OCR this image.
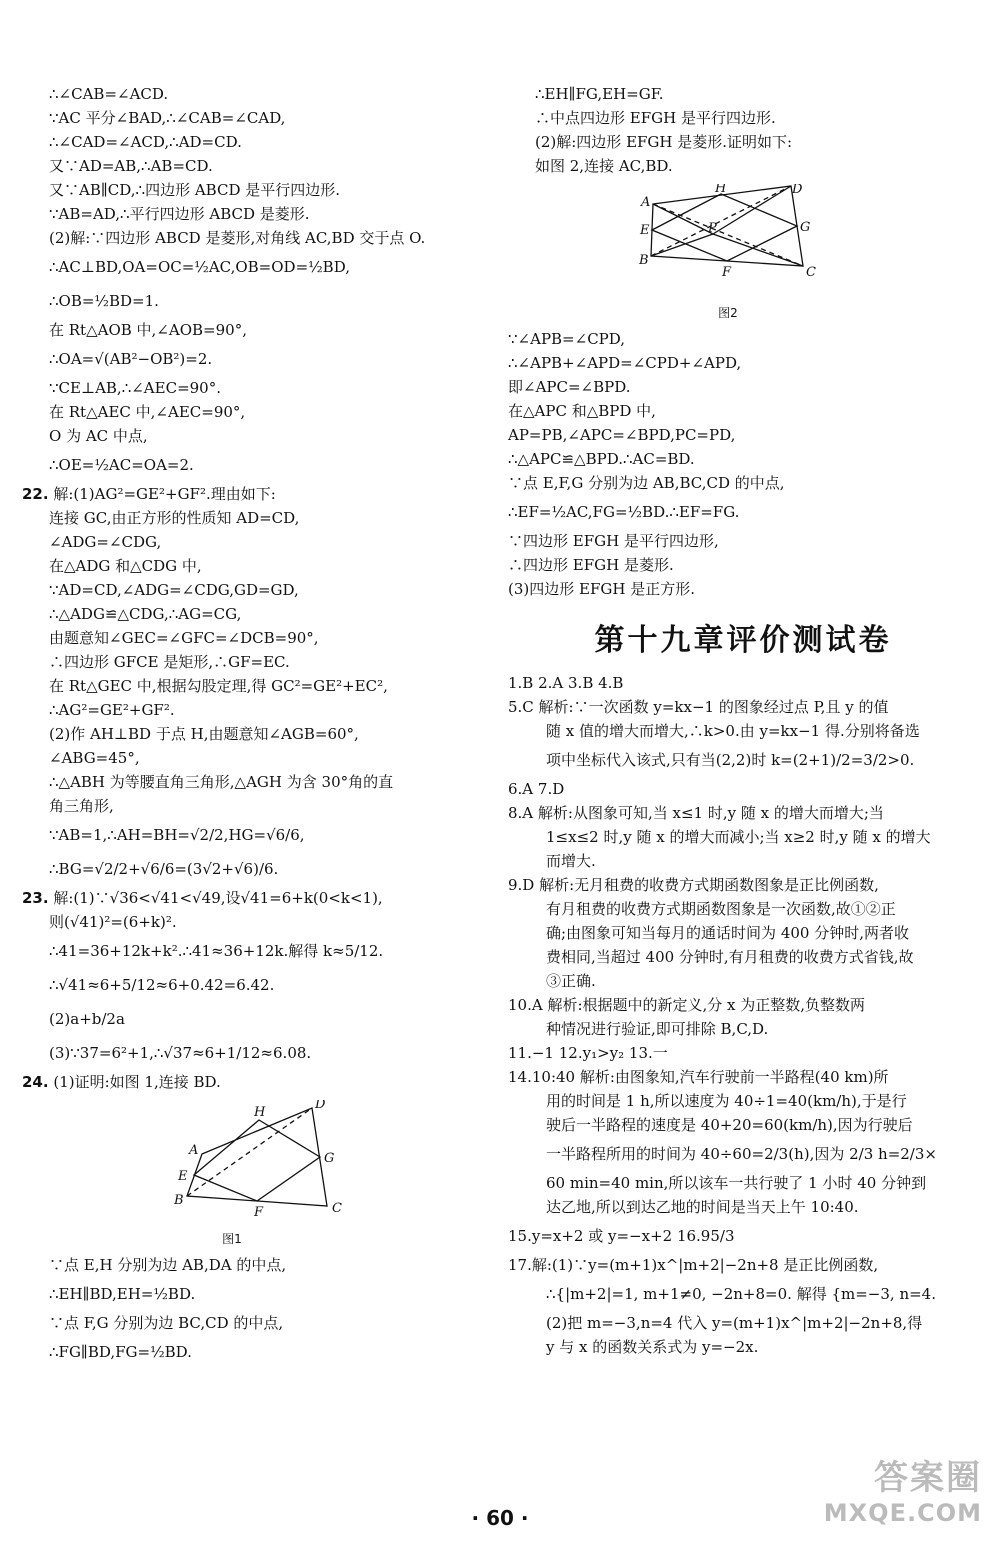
∴∠CAB=∠ACD.
∵AC 平分∠BAD,∴∠CAB=∠CAD,
∴∠CAD=∠ACD,∴AD=CD.
又∵AD=AB,∴AB=CD.
又∵AB∥CD,∴四边形 ABCD 是平行四边形.
∵AB=AD,∴平行四边形 ABCD 是菱形.
(2)解:∵四边形 ABCD 是菱形,对角线 AC,BD 交于点 O.
∴AC⊥BD,OA=OC=½AC,OB=OD=½BD,
∴OB=½BD=1.
在 Rt△AOB 中,∠AOB=90°,
∴OA=√(AB²−OB²)=2.
∵CE⊥AB,∴∠AEC=90°.
在 Rt△AEC 中,∠AEC=90°,
O 为 AC 中点,
∴OE=½AC=OA=2.
22. 解:(1)AG²=GE²+GF².理由如下:
连接 GC,由正方形的性质知 AD=CD,
∠ADG=∠CDG,
在△ADG 和△CDG 中,
∵AD=CD,∠ADG=∠CDG,GD=GD,
∴△ADG≌△CDG,∴AG=CG,
由题意知∠GEC=∠GFC=∠DCB=90°,
∴四边形 GFCE 是矩形,∴GF=EC.
在 Rt△GEC 中,根据勾股定理,得 GC²=GE²+EC²,
∴AG²=GE²+GF².
(2)作 AH⊥BD 于点 H,由题意知∠AGB=60°,
∠ABG=45°,
∴△ABH 为等腰直角三角形,△AGH 为含 30°角的直
角三角形,
∵AB=1,∴AH=BH=√2/2,HG=√6/6,
∴BG=√2/2+√6/6=(3√2+√6)/6.
23. 解:(1)∵√36<√41<√49,设√41=6+k(0<k<1),
则(√41)²=(6+k)².
∴41=36+12k+k².∴41≈36+12k.解得 k≈5/12.
∴√41≈6+5/12≈6+0.42=6.42.
(2)a+b/2a
(3)∵37=6²+1,∴√37≈6+1/12≈6.08.
24. (1)证明:如图 1,连接 BD.
A
H
D
E
G
B
F	C
图1
∵点 E,H 分别为边 AB,DA 的中点,
∴EH∥BD,EH=½BD.
∵点 F,G 分别为边 BC,CD 的中点,
∴FG∥BD,FG=½BD.
∴EH∥FG,EH=GF.
∴中点四边形 EFGH 是平行四边形.
(2)解:四边形 EFGH 是菱形.证明如下:
如图 2,连接 AC,BD.
A
H	D
E	G
P
B
F	C
图2
∵∠APB=∠CPD,
∴∠APB+∠APD=∠CPD+∠APD,
即∠APC=∠BPD.
在△APC 和△BPD 中,
AP=PB,∠APC=∠BPD,PC=PD,
∴△APC≌△BPD.∴AC=BD.
∵点 E,F,G 分别为边 AB,BC,CD 的中点,
∴EF=½AC,FG=½BD.∴EF=FG.
∵四边形 EFGH 是平行四边形,
∴四边形 EFGH 是菱形.
(3)四边形 EFGH 是正方形.
第十九章评价测试卷
1.B 2.A 3.B 4.B
5.C 解析:∵一次函数 y=kx−1 的图象经过点 P,且 y 的值
随 x 值的增大而增大,∴k>0.由 y=kx−1 得.分别将备选
项中坐标代入该式,只有当(2,2)时 k=(2+1)/2=3/2>0.
6.A 7.D
8.A 解析:从图象可知,当 x≤1 时,y 随 x 的增大而增大;当
1≤x≤2 时,y 随 x 的增大而减小;当 x≥2 时,y 随 x 的增大
而增大.
9.D 解析:无月租费的收费方式期函数图象是正比例函数,
有月租费的收费方式期函数图象是一次函数,故①②正
确;由图象可知当每月的通话时间为 400 分钟时,两者收
费相同,当超过 400 分钟时,有月租费的收费方式省钱,故
③正确.
10.A 解析:根据题中的新定义,分 x 为正整数,负整数两
种情况进行验证,即可排除 B,C,D.
11.−1 12.y₁>y₂ 13.一
14.10:40 解析:由图象知,汽车行驶前一半路程(40 km)所
用的时间是 1 h,所以速度为 40÷1=40(km/h),于是行
驶后一半路程的速度是 40+20=60(km/h),因为行驶后
一半路程所用的时间为 40÷60=2/3(h),因为 2/3 h=2/3×
60 min=40 min,所以该车一共行驶了 1 小时 40 分钟到
达乙地,所以到达乙地的时间是当天上午 10:40.
15.y=x+2 或 y=−x+2 16.95/3
17.解:(1)∵y=(m+1)x^|m+2|−2n+8 是正比例函数,
∴{|m+2|=1, m+1≠0, −2n+8=0. 解得 {m=−3, n=4.
(2)把 m=−3,n=4 代入 y=(m+1)x^|m+2|−2n+8,得
y 与 x 的函数关系式为 y=−2x.
· 60 ·
答案圈
MXQE.COM
